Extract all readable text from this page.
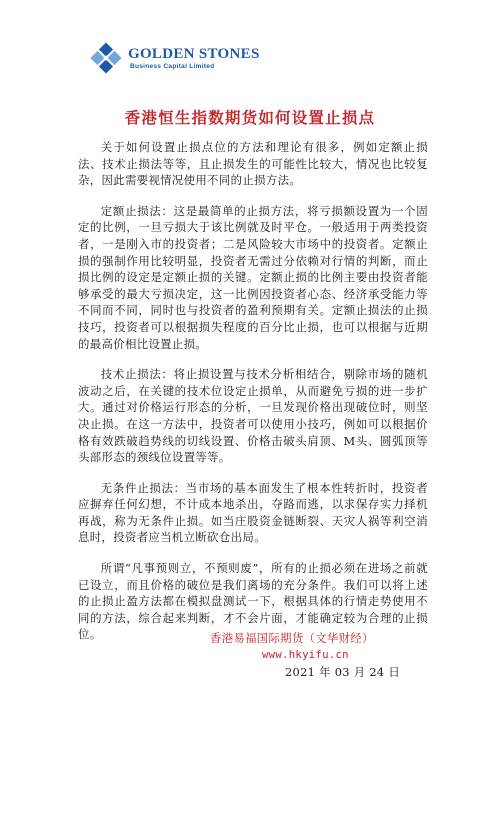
GOLDEN STONES
Business Capital Limited
香港恒生指数期货如何设置止损点

关于如何设置止损点位的方法和理论有很多，例如定额止损法、技术止损法等等，且止损发生的可能性比较大，情况也比较复杂，因此需要视情况使用不同的止损方法。

定额止损法：这是最简单的止损方法，将亏损额设置为一个固定的比例，一旦亏损大于该比例就及时平仓。一般适用于两类投资者，一是刚入市的投资者；二是风险较大市场中的投资者。定额止损的强制作用比较明显，投资者无需过分依赖对行情的判断，而止损比例的设定是定额止损的关键。定额止损的比例主要由投资者能够承受的最大亏损决定，这一比例因投资者心态、经济承受能力等不同而不同，同时也与投资者的盈利预期有关。定额止损法的止损技巧，投资者可以根据损失程度的百分比止损，也可以根据与近期的最高价相比设置止损。

技术止损法：将止损设置与技术分析相结合，剔除市场的随机波动之后，在关键的技术位设定止损单，从而避免亏损的进一步扩大。通过对价格运行形态的分析，一旦发现价格出现破位时，则坚决止损。在这一方法中，投资者可以使用小技巧，例如可以根据价格有效跌破趋势线的切线设置、价格击破头肩顶、M头、圆弧顶等头部形态的颈线位设置等等。

无条件止损法：当市场的基本面发生了根本性转折时，投资者应摒弃任何幻想，不计成本地杀出，夺路而逃，以求保存实力择机再战，称为无条件止损。如当庄股资金链断裂、天灾人祸等利空消息时，投资者应当机立断砍仓出局。

所谓“凡事预则立，不预则废”，所有的止损必须在进场之前就已设立，而且价格的破位是我们离场的充分条件。我们可以将上述的止损止盈方法都在模拟盘测试一下，根据具体的行情走势使用不同的方法，综合起来判断，才不会片面，才能确定较为合理的止损位。	香港易福国际期货（文华财经）
www.hkyifu.cn
2021 年 03 月 24 日
